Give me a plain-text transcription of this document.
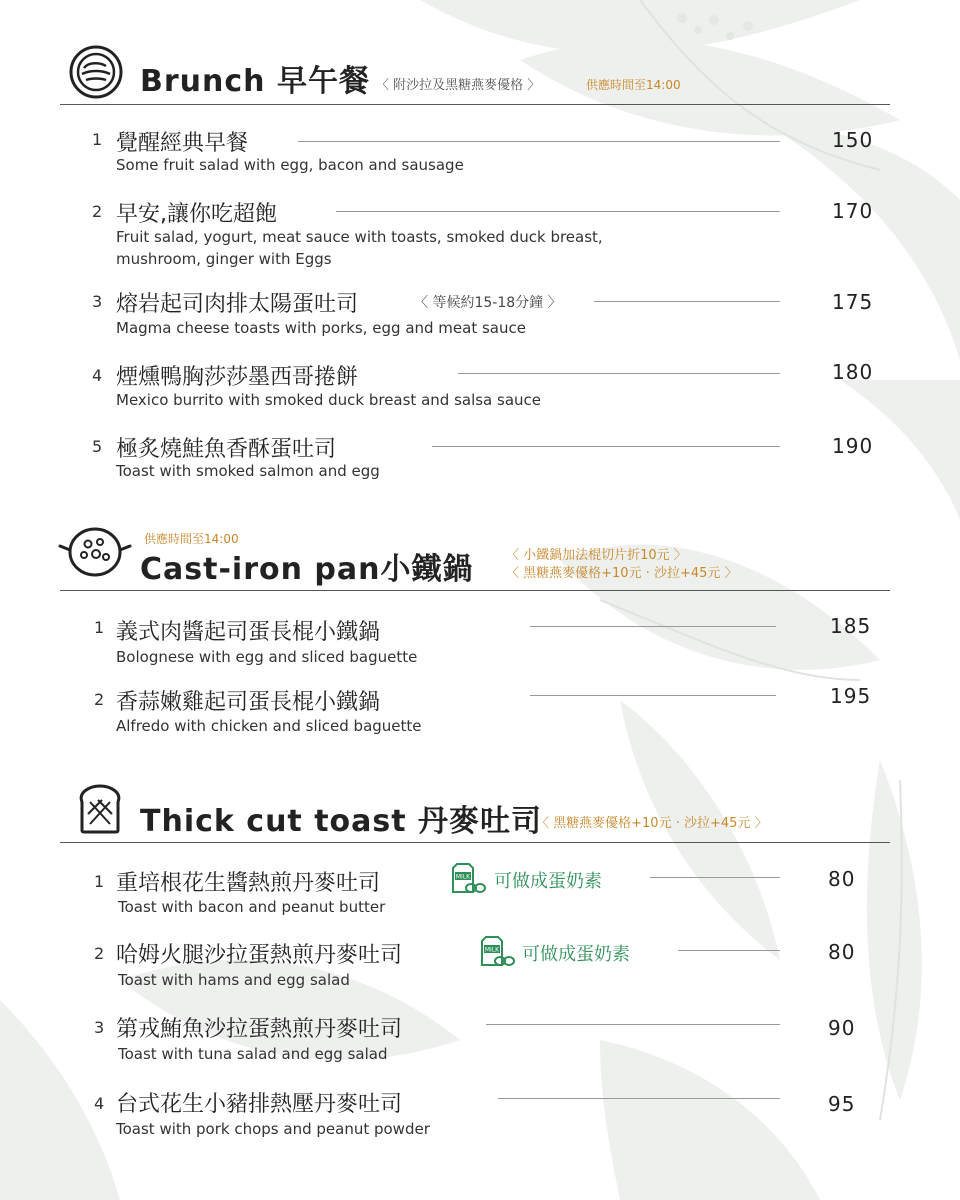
Brunch 早午餐 〈 附沙拉及黑糖燕麥優格 〉	供應時間至14:00
1 覺醒經典早餐	150
Some fruit salad with egg, bacon and sausage
2 早安,讓你吃超飽	170
Fruit salad, yogurt, meat sauce with toasts, smoked duck breast,
mushroom, ginger with Eggs
3 熔岩起司肉排太陽蛋吐司	〈 等候約15-18分鐘 〉	175
Magma cheese toasts with porks, egg and meat sauce
4 煙燻鴨胸莎莎墨西哥捲餅	180
Mexico burrito with smoked duck breast and salsa sauce
5 極炙燒鮭魚香酥蛋吐司	190
Toast with smoked salmon and egg
供應時間至14:00
Cast-iron pan小鐵鍋	〈 小鐵鍋加法棍切片折10元 〉
〈 黑糖燕麥優格+10元 · 沙拉+45元 〉
1 義式肉醬起司蛋長棍小鐵鍋	185
Bolognese with egg and sliced baguette
2 香蒜嫩雞起司蛋長棍小鐵鍋	195
Alfredo with chicken and sliced baguette
Thick cut toast 丹麥吐司
〈 黑糖燕麥優格+10元 · 沙拉+45元 〉
1 重培根花生醬熱煎丹麥吐司	MILK 可做成蛋奶素	80
Toast with bacon and peanut butter
2 哈姆火腿沙拉蛋熱煎丹麥吐司	MILK 可做成蛋奶素	80
Toast with hams and egg salad
3 第戎鮪魚沙拉蛋熱煎丹麥吐司	90
Toast with tuna salad and egg salad
4 台式花生小豬排熱壓丹麥吐司	95
Toast with pork chops and peanut powder
